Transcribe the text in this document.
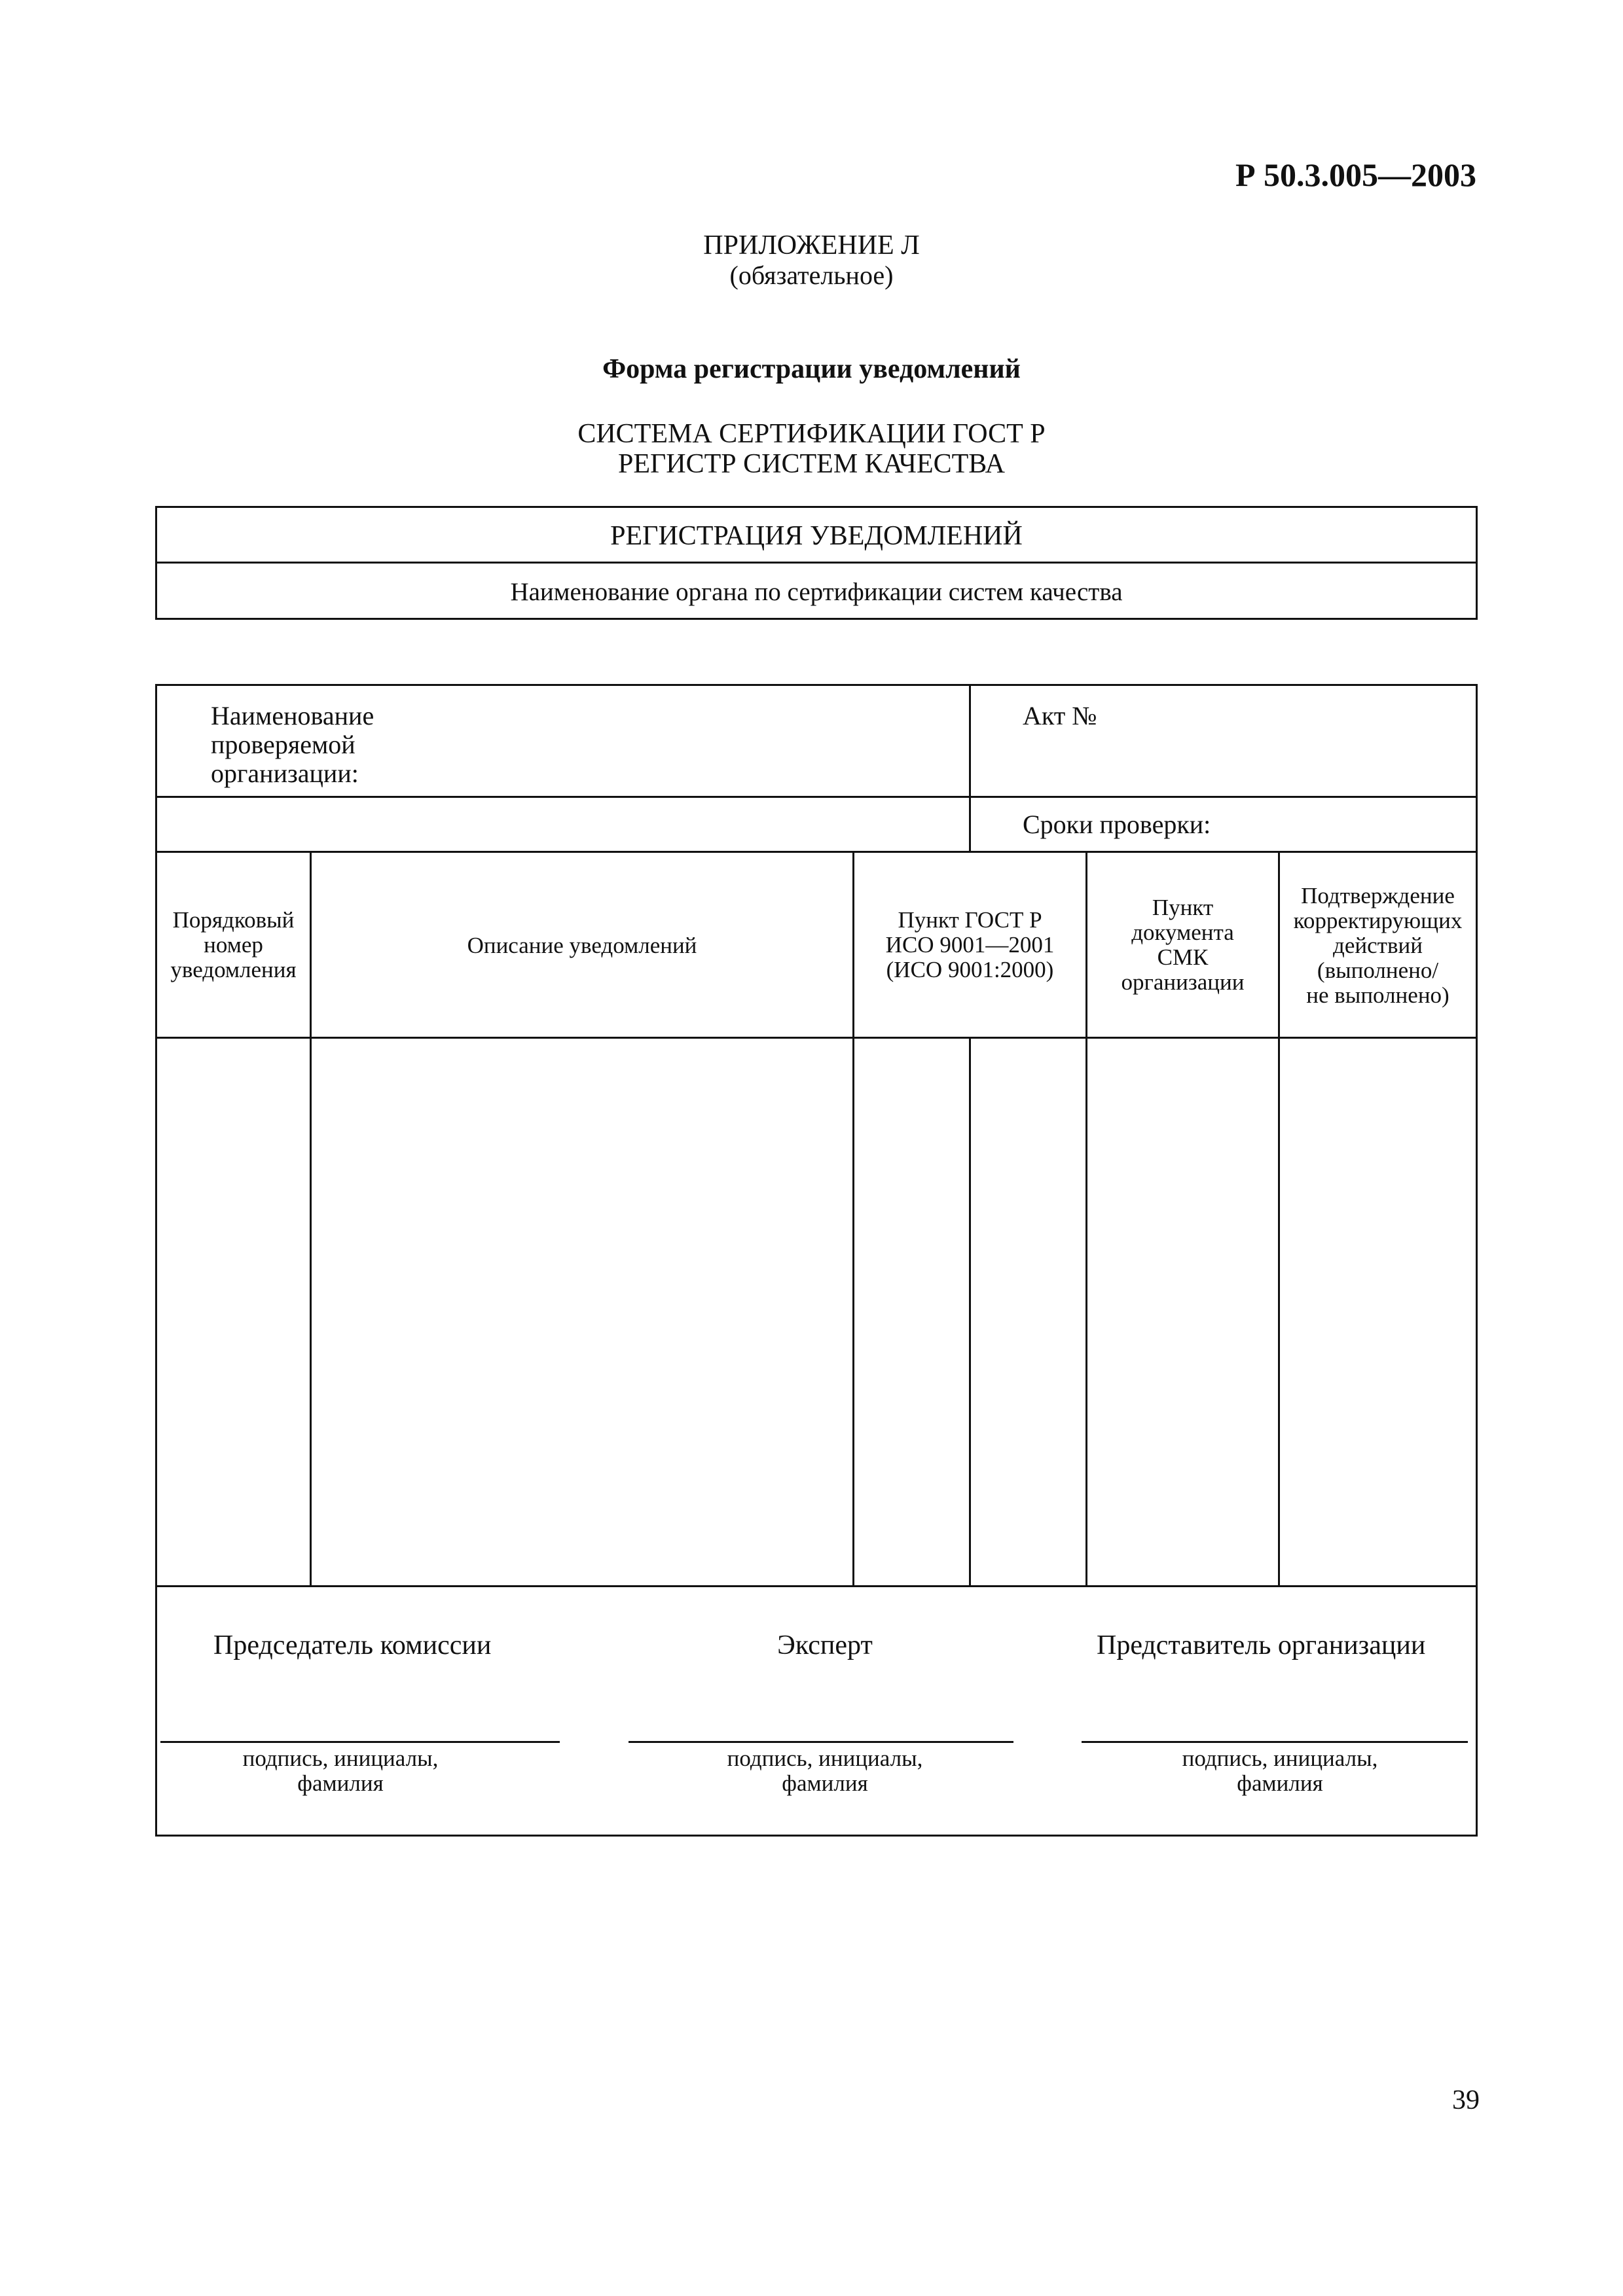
Р 50.3.005—2003
ПРИЛОЖЕНИЕ Л
(обязательное)
Форма регистрации уведомлений
СИСТЕМА СЕРТИФИКАЦИИ ГОСТ Р
РЕГИСТР СИСТЕМ КАЧЕСТВА
РЕГИСТРАЦИЯ УВЕДОМЛЕНИЙ
Наименование органа по сертификации систем качества
Наименование
проверяемой
организации:
Акт №
Сроки проверки:
Порядковый
номер
уведомления
Описание уведомлений
Пункт ГОСТ Р
ИСО 9001—2001
(ИСО 9001:2000)
Пункт
документа
СМК
организации
Подтверждение
корректирующих
действий
(выполнено/
не выполнено)
Председатель комиссии	Эксперт	Представитель организации
подпись, инициалы,
фамилия
подпись, инициалы,
фамилия
подпись, инициалы,
фамилия
39
